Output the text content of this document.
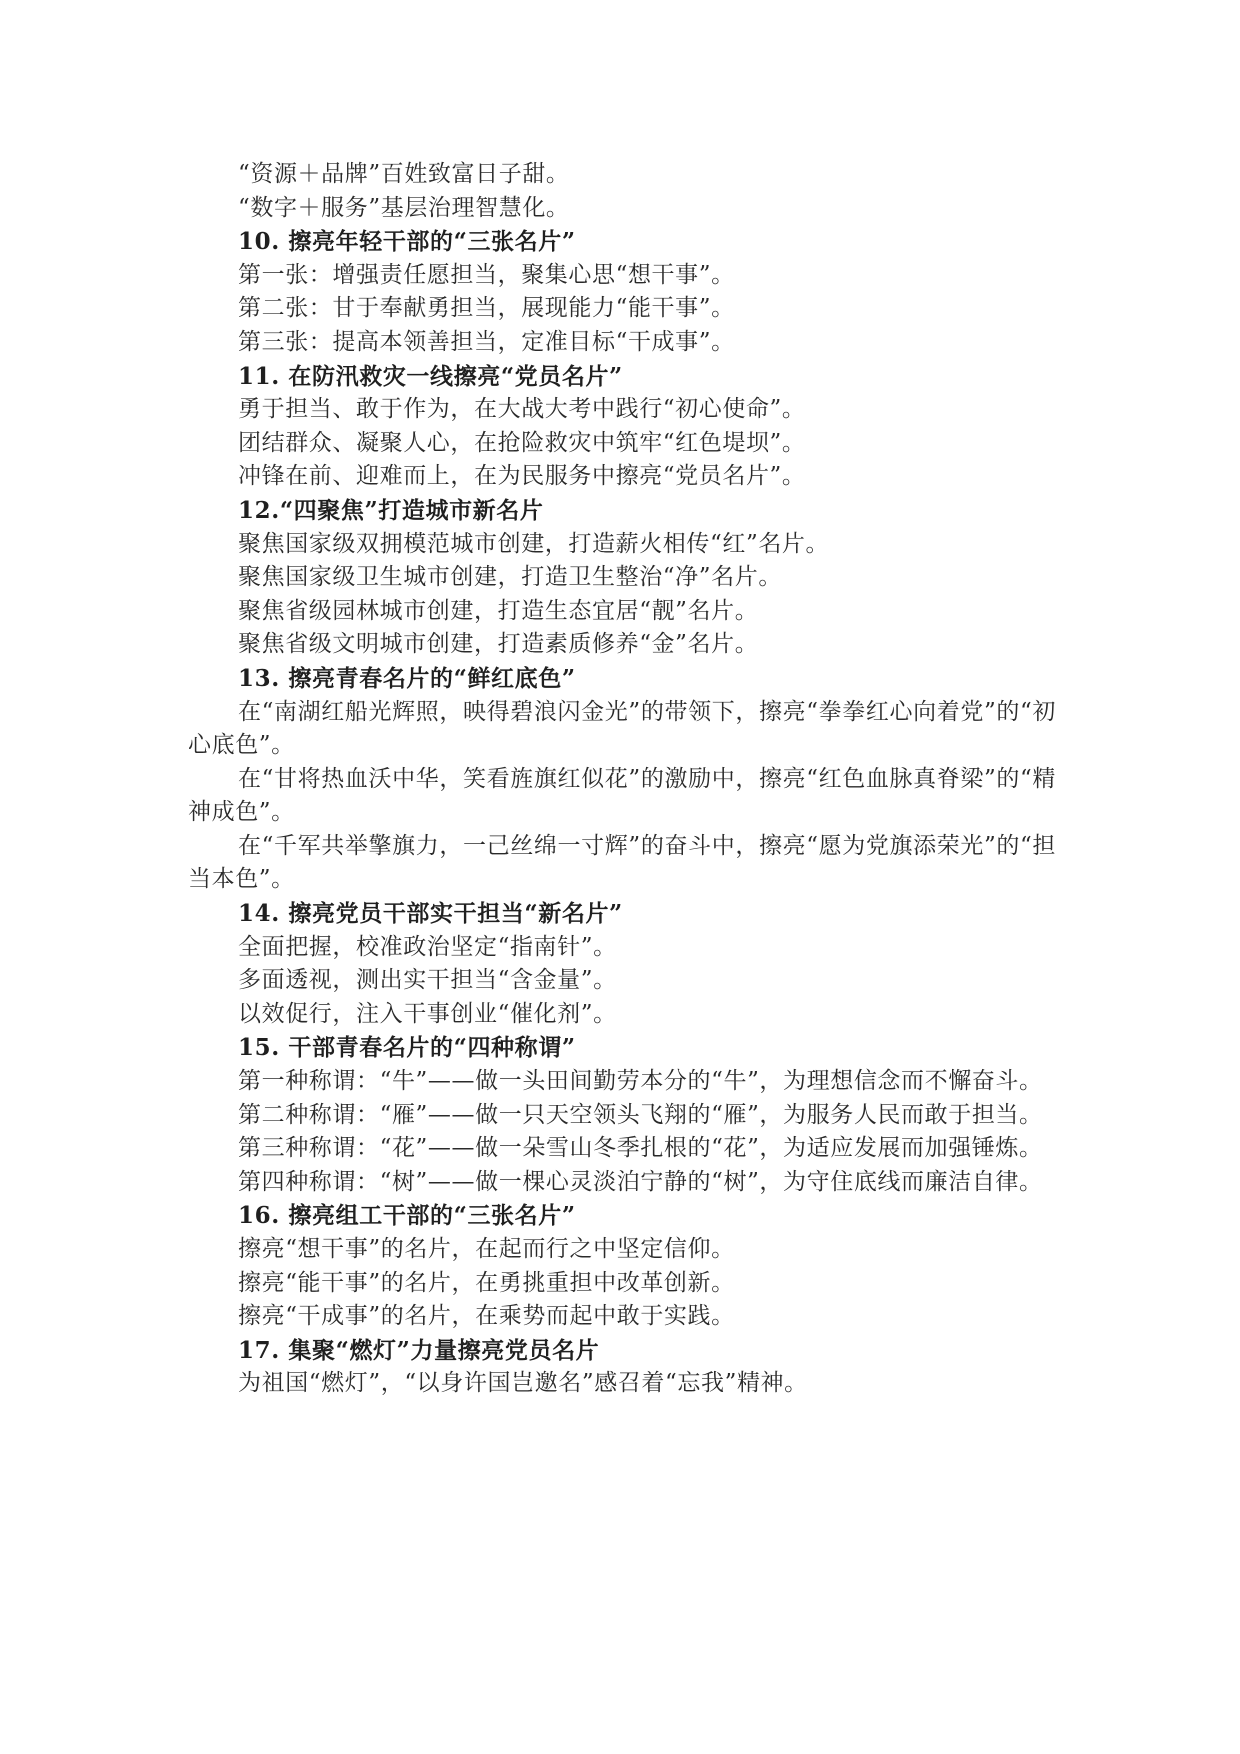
“资源＋品牌”百姓致富日子甜。

“数字＋服务”基层治理智慧化。

10. 擦亮年轻干部的“三张名片”

第一张：增强责任愿担当，聚集心思“想干事”。

第二张：甘于奉献勇担当，展现能力“能干事”。

第三张：提高本领善担当，定准目标“干成事”。

11. 在防汛救灾一线擦亮“党员名片”

勇于担当、敢于作为，在大战大考中践行“初心使命”。

团结群众、凝聚人心，在抢险救灾中筑牢“红色堤坝”。

冲锋在前、迎难而上，在为民服务中擦亮“党员名片”。

12.“四聚焦”打造城市新名片

聚焦国家级双拥模范城市创建，打造薪火相传“红”名片。

聚焦国家级卫生城市创建，打造卫生整治“净”名片。

聚焦省级园林城市创建，打造生态宜居“靓”名片。

聚焦省级文明城市创建，打造素质修养“金”名片。

13. 擦亮青春名片的“鲜红底色”

在“南湖红船光辉照，映得碧浪闪金光”的带领下，擦亮“拳拳红心向着党”的“初心底色”。

在“甘将热血沃中华，笑看旌旗红似花”的激励中，擦亮“红色血脉真脊梁”的“精神成色”。

在“千军共举擎旗力，一己丝绵一寸辉”的奋斗中，擦亮“愿为党旗添荣光”的“担当本色”。

14. 擦亮党员干部实干担当“新名片”

全面把握，校准政治坚定“指南针”。

多面透视，测出实干担当“含金量”。

以效促行，注入干事创业“催化剂”。

15. 干部青春名片的“四种称谓”

第一种称谓：“牛”——做一头田间勤劳本分的“牛”，为理想信念而不懈奋斗。

第二种称谓：“雁”——做一只天空领头飞翔的“雁”，为服务人民而敢于担当。

第三种称谓：“花”——做一朵雪山冬季扎根的“花”，为适应发展而加强锤炼。

第四种称谓：“树”——做一棵心灵淡泊宁静的“树”，为守住底线而廉洁自律。

16. 擦亮组工干部的“三张名片”

擦亮“想干事”的名片，在起而行之中坚定信仰。

擦亮“能干事”的名片，在勇挑重担中改革创新。

擦亮“干成事”的名片，在乘势而起中敢于实践。

17. 集聚“燃灯”力量擦亮党员名片

为祖国“燃灯”，“以身许国岂邀名”感召着“忘我”精神。
